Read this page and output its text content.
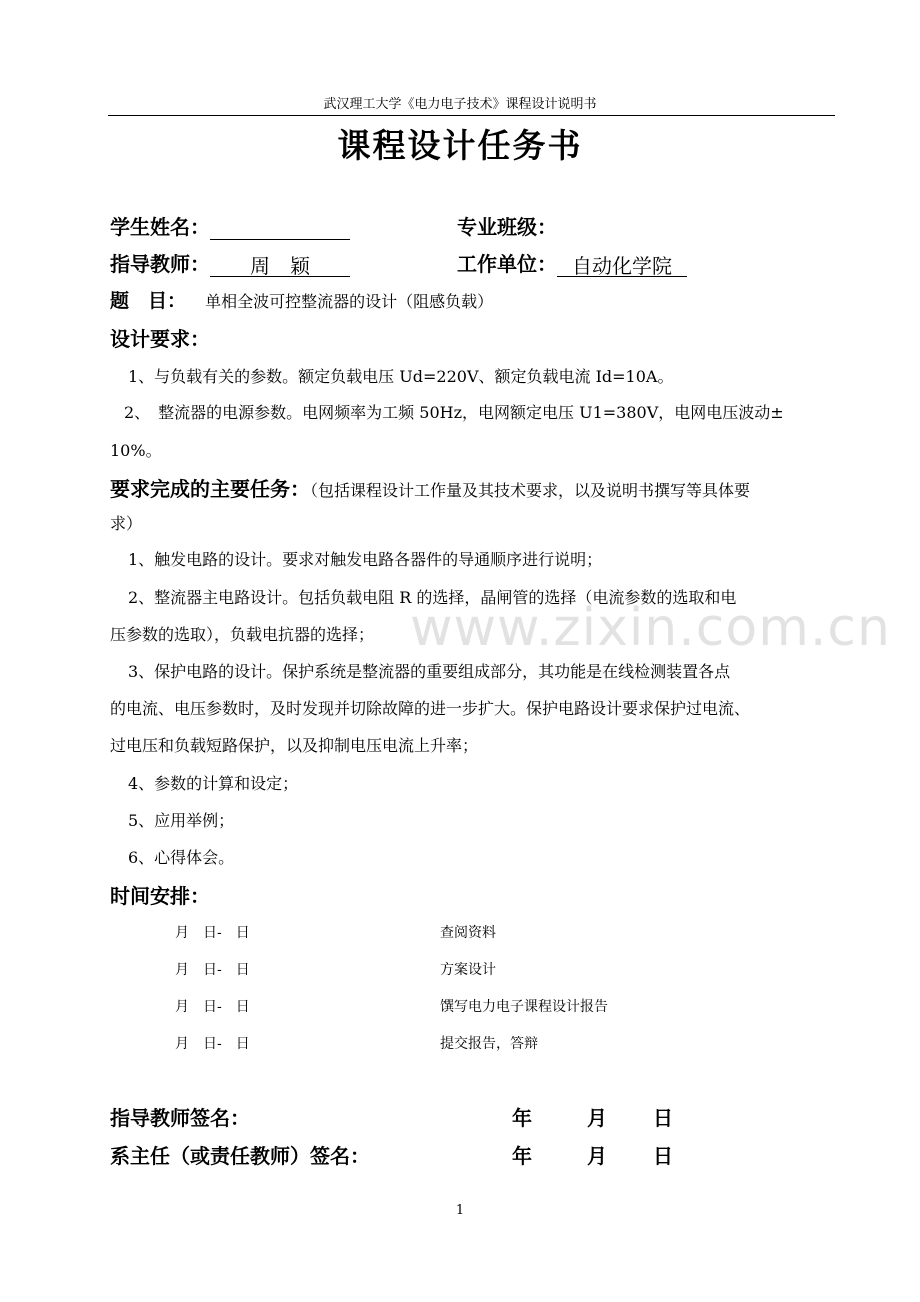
武汉理工大学《电力电子技术》课程设计说明书
课程设计任务书
学生姓名：	专业班级：
指导教师： 周　颖	工作单位： 自动化学院
题　目： 单相全波可控整流器的设计（阻感负载）
设计要求：
1、与负载有关的参数。额定负载电压 Ud=220V、额定负载电流 Id=10A。
2、　整流器的电源参数。电网频率为工频 50Hz，电网额定电压 U1=380V，电网电压波动±
10%。
要求完成的主要任务：（包括课程设计工作量及其技术要求，以及说明书撰写等具体要
求）
1、触发电路的设计。要求对触发电路各器件的导通顺序进行说明；
2、整流器主电路设计。包括负载电阻 R 的选择，晶闸管的选择（电流参数的选取和电
压参数的选取），负载电抗器的选择；
3、保护电路的设计。保护系统是整流器的重要组成部分，其功能是在线检测装置各点
的电流、电压参数时，及时发现并切除故障的进一步扩大。保护电路设计要求保护过电流、
过电压和负载短路保护，以及抑制电压电流上升率；
4、参数的计算和设定；
5、应用举例；
6、心得体会。
时间安排：
月　日-　日	查阅资料
月　日-　日	方案设计
月　日-　日	馔写电力电子课程设计报告
月　日-　日	提交报告，答辩
指导教师签名：	年	月 日
系主任（或责任教师）签名：	年	月 日
1
www.zixin.com.cn
